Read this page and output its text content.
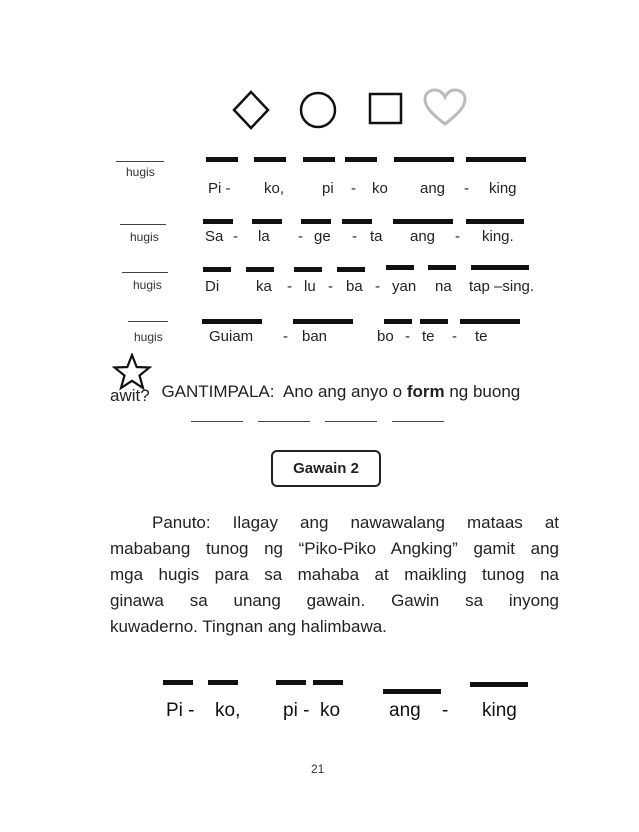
hugis
Pi - ko,	pi - ko ang - king
hugis	Sa - la - ge - ta ang - king.
hugis	Di ka - lu - ba - yan na tap –sing.
hugis	Guiam - ban	bo - te - te

GANTIMPALA:  Ano ang anyo o form ng buong

awit?
Gawain 2
Panuto: Ilagay ang nawawalang mataas at
mababang tunog ng “Piko-Piko Angking” gamit ang
mga hugis para sa mahaba at maikling tunog na
ginawa sa unang gawain. Gawin sa inyong
kuwaderno. Tingnan ang halimbawa.
Pi - ko, pi - ko	ang - king
21
